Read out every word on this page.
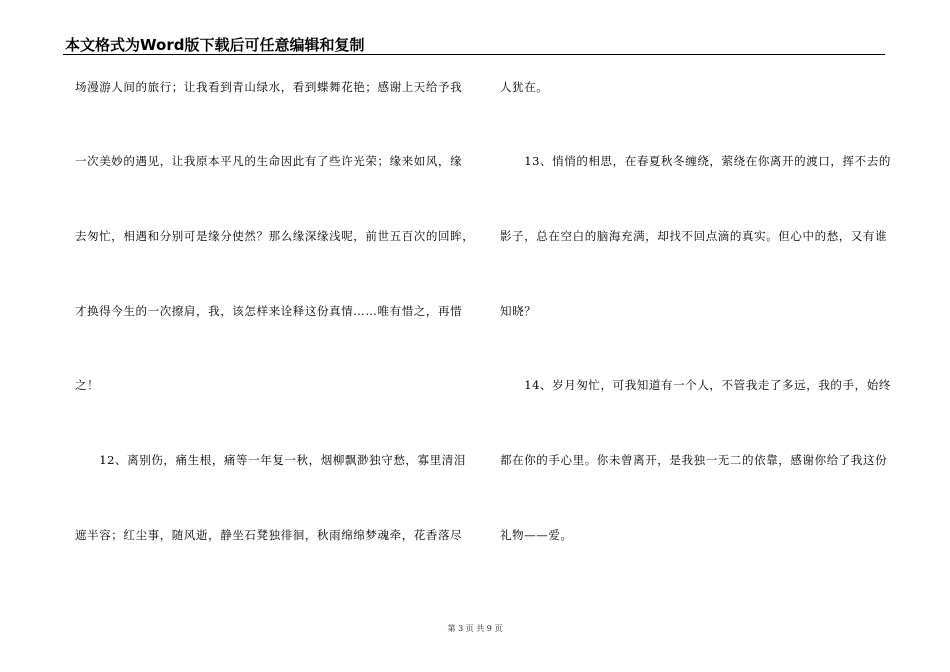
本文格式为Word版下载后可任意编辑和复制
场漫游人间的旅行；让我看到青山绿水，看到蝶舞花艳；感谢上天给予我
一次美妙的遇见，让我原本平凡的生命因此有了些许光荣；缘来如风，缘
去匆忙，相遇和分别可是缘分使然？那么缘深缘浅呢，前世五百次的回眸，
才换得今生的一次擦肩，我，该怎样来诠释这份真情……唯有惜之，再惜
之！
　　12、离别伤，痛生根，痛等一年复一秋，烟柳飘渺独守愁，寡里清泪
遮半容；红尘事，随风逝，静坐石凳独徘徊，秋雨绵绵梦魂牵，花香落尽
人犹在。
　　13、悄悄的相思，在春夏秋冬缠绕，萦绕在你离开的渡口，挥不去的
影子，总在空白的脑海充满，却找不回点滴的真实。但心中的愁，又有谁
知晓？
　　14、岁月匆忙，可我知道有一个人，不管我走了多远，我的手，始终
都在你的手心里。你未曾离开，是我独一无二的依靠，感谢你给了我这份
礼物——爱。
第 3 页 共 9 页
